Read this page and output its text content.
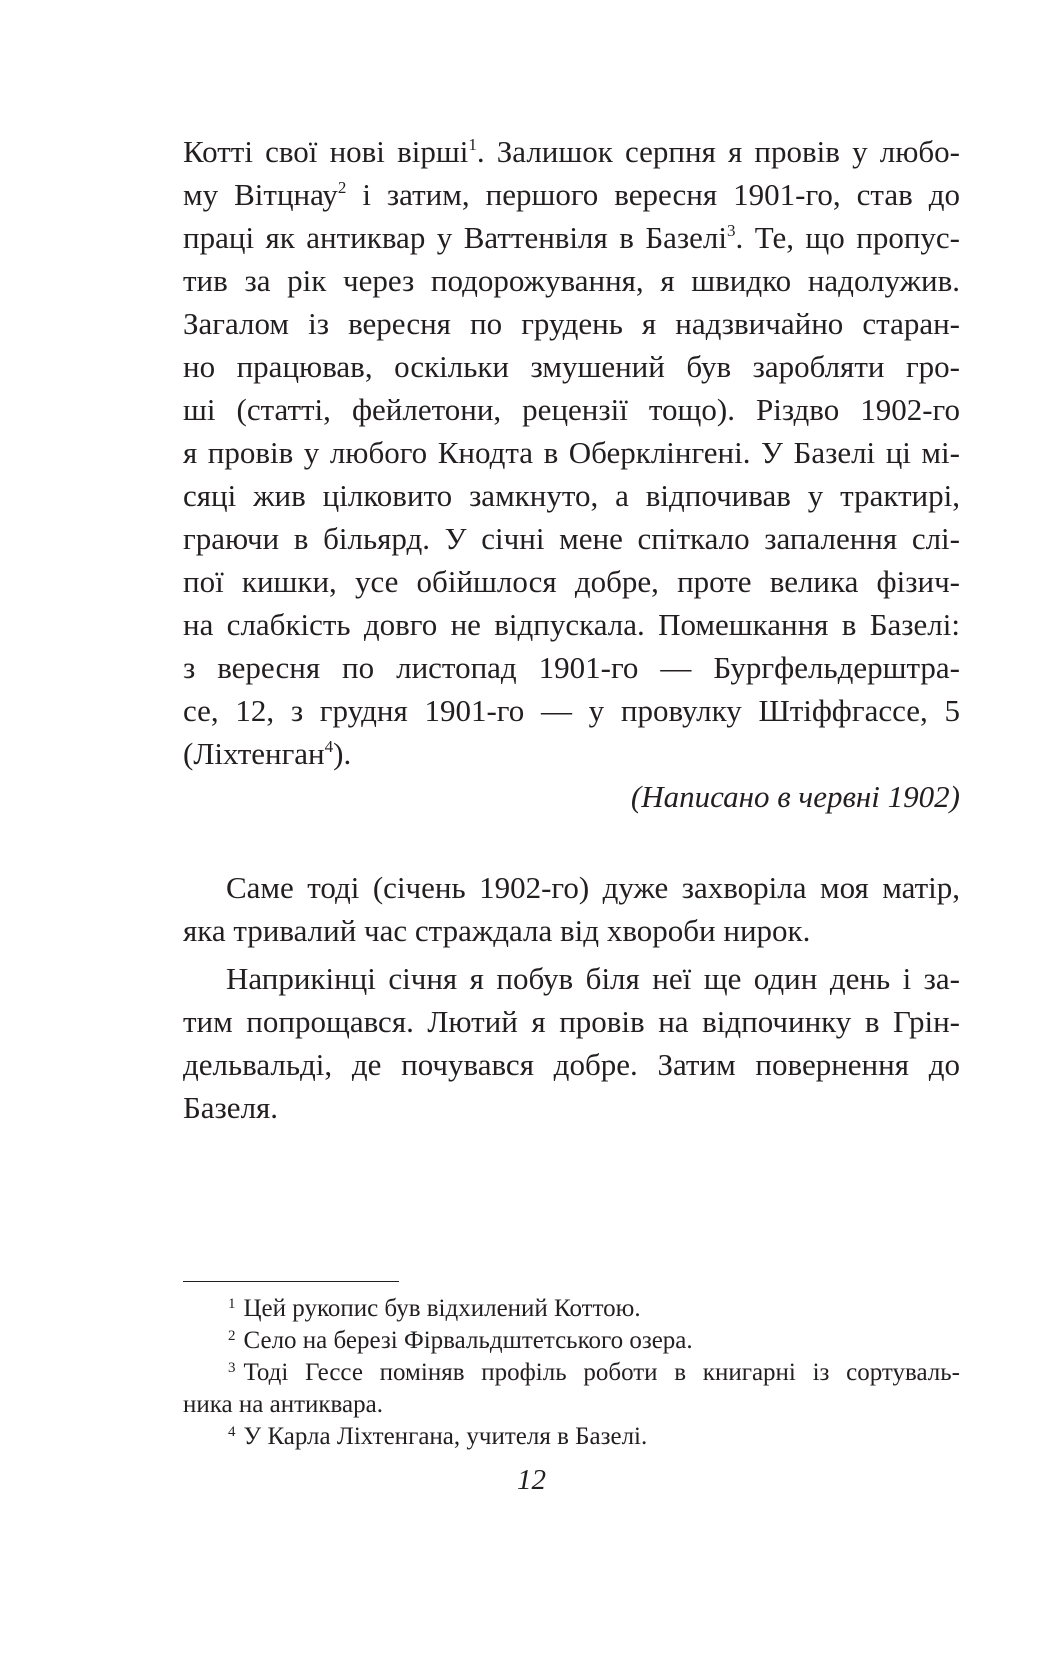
Котті свої нові вірші$^1$. Залишок серпня я провів у любо-
му Вітцнау$^2$ і затим, першого вересня 1901-го, став до
праці як антиквар у Ваттенвіля в Базелі$^3$. Те, що пропус-
тив за рік через подорожування, я швидко надолужив.
Загалом із вересня по грудень я надзвичайно старан-
но працював, оскільки змушений був заробляти гро-
ші (статті, фейлетони, рецензії тощо). Різдво 1902-го
я провів у любого Кнодта в Оберклінгені. У Базелі ці мі-
сяці жив цілковито замкнуто, а відпочивав у трактирі,
граючи в більярд. У січні мене спіткало запалення слі-
пої кишки, усе обійшлося добре, проте велика фізич-
на слабкість довго не відпускала. Помешкання в Базелі:
з вересня по листопад 1901-го — Бургфельдерштра-
се, 12, з грудня 1901-го — у провулку Штіффгассе, 5
(Ліхтенган$^4$).
(Написано в червні 1902)
Саме тоді (січень 1902-го) дуже захворіла моя матір,
яка тривалий час страждала від хвороби нирок.
Наприкінці січня я побув біля неї ще один день і за-
тим попрощався. Лютий я провів на відпочинку в Грін-
дельвальді, де почувався добре. Затим повернення до
Базеля.
$^1$ Цей рукопис був відхилений Коттою.
$^2$ Село на березі Фірвальдштетського озера.
$^3$ Тоді Гессе поміняв профіль роботи в книгарні із сортуваль-
ника на антиквара.
$^4$ У Карла Ліхтенгана, учителя в Базелі.
12
